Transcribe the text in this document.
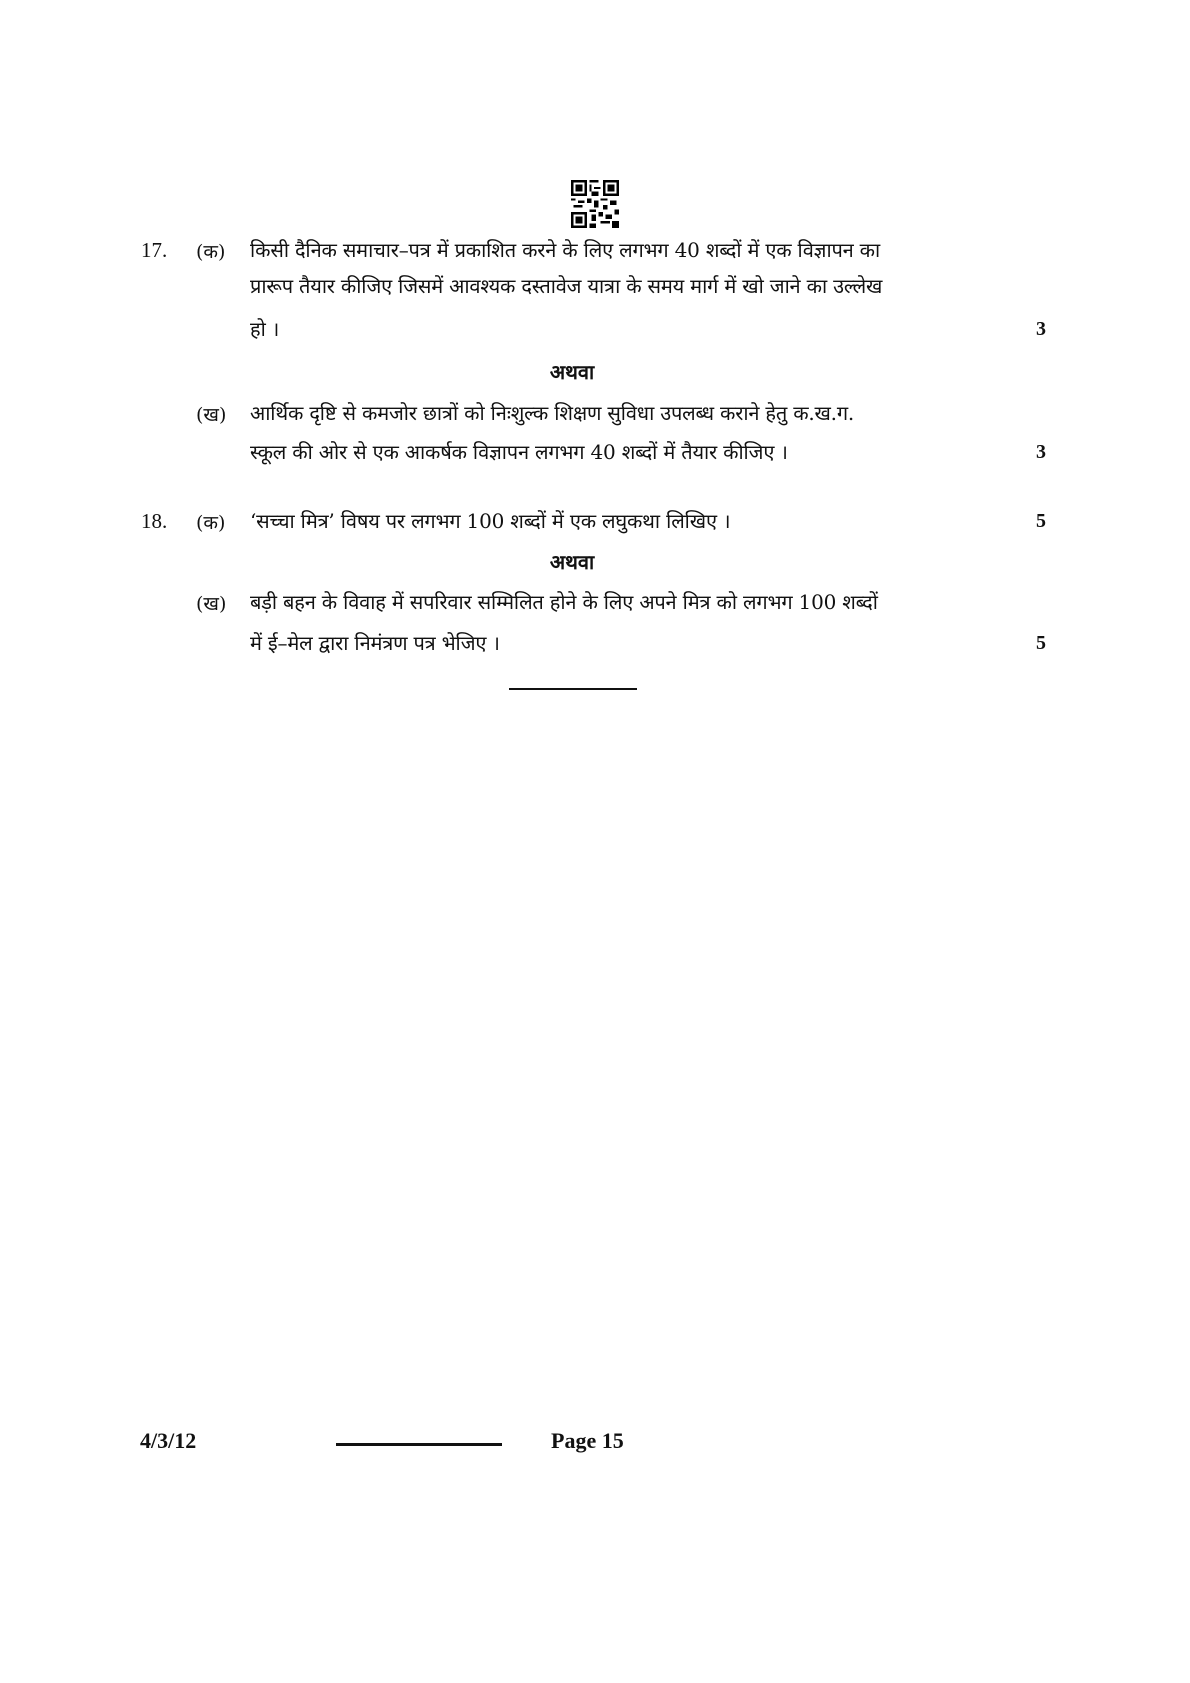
17. (क) किसी दैनिक समाचार–पत्र में प्रकाशित करने के लिए लगभग 40 शब्दों में एक विज्ञापन का
प्रारूप तैयार कीजिए जिसमें आवश्यक दस्तावेज यात्रा के समय मार्ग में खो जाने का उल्लेख
हो ।	3
अथवा
(ख) आर्थिक दृष्टि से कमजोर छात्रों को निःशुल्क शिक्षण सुविधा उपलब्ध कराने हेतु क.ख.ग.
स्कूल की ओर से एक आकर्षक विज्ञापन लगभग 40 शब्दों में तैयार कीजिए ।	3
18. (क) ‘सच्चा मित्र’ विषय पर लगभग 100 शब्दों में एक लघुकथा लिखिए ।	5
अथवा
(ख) बड़ी बहन के विवाह में सपरिवार सम्मिलित होने के लिए अपने मित्र को लगभग 100 शब्दों
में ई–मेल द्वारा निमंत्रण पत्र भेजिए ।	5
4/3/12	Page 15
